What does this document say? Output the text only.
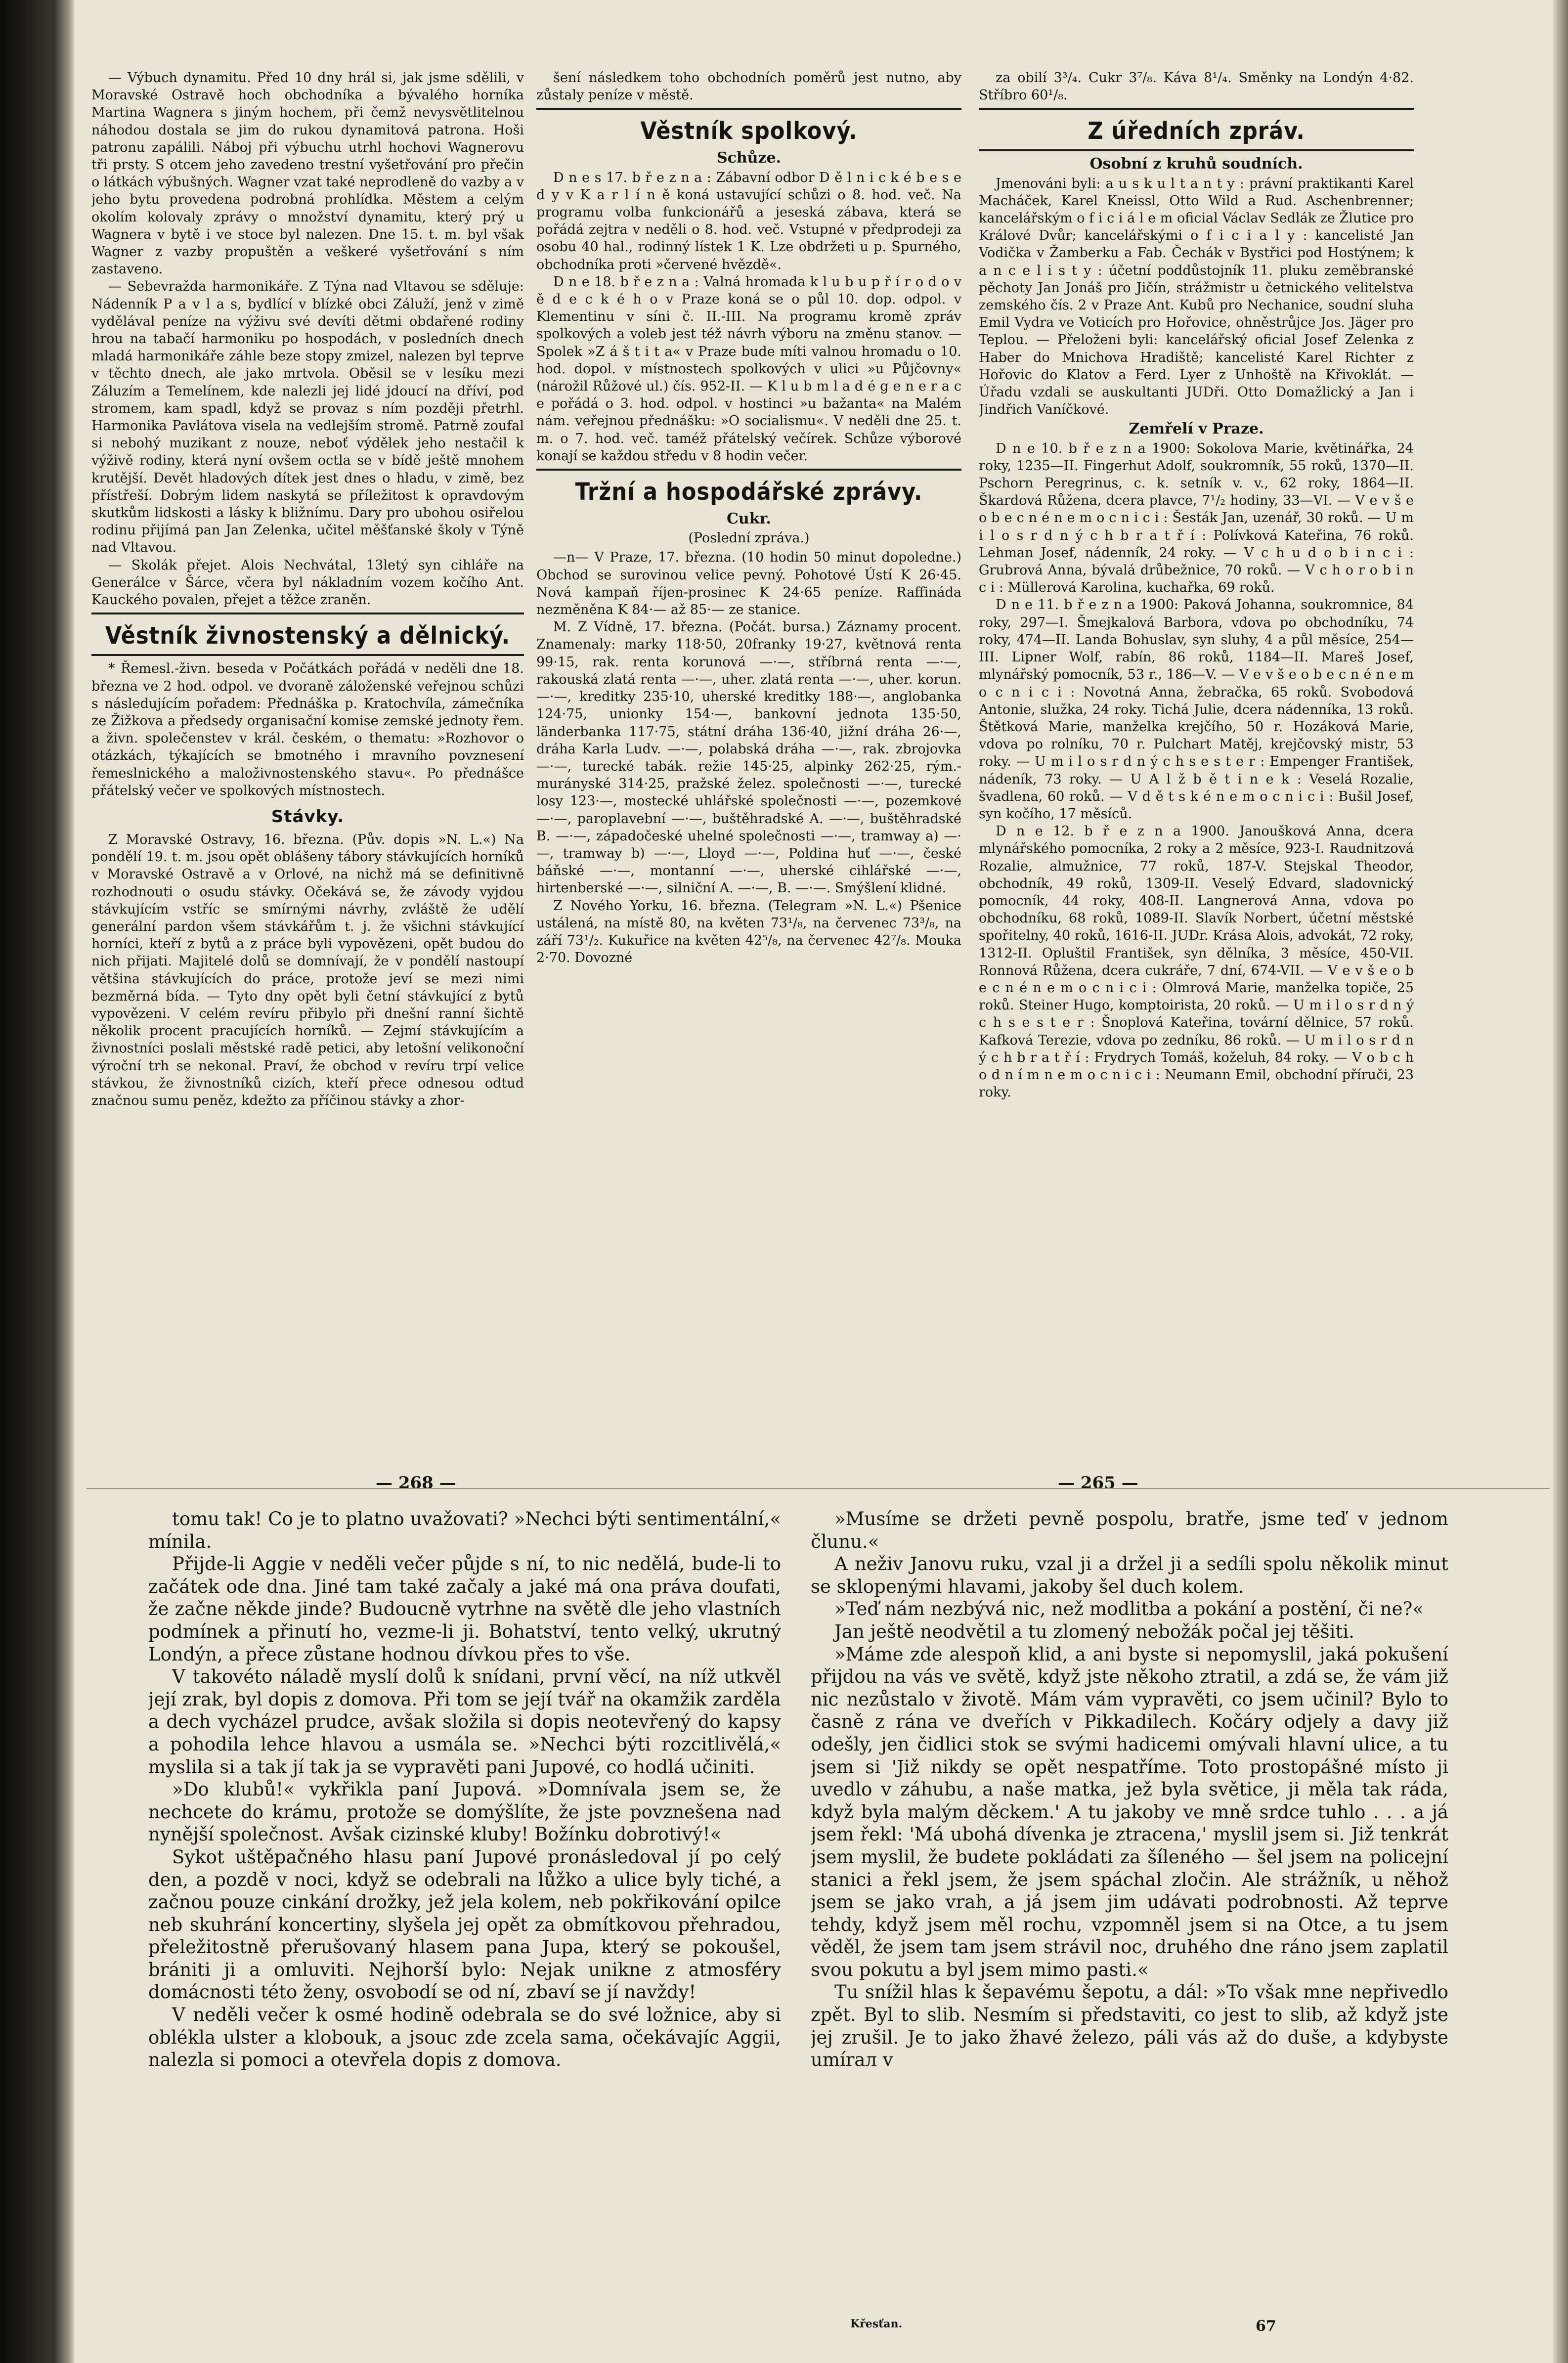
— Výbuch dynamitu. Před 10 dny hrál si, jak jsme sdělili, v Moravské Ostravě hoch obchodníka a bývalého horníka Martina Wagnera s jiným hochem, při čemž nevysvětlitelnou náhodou dostala se jim do rukou dynamitová patrona. Hoši patronu zapálili. Náboj při výbuchu utrhl hochovi Wagnerovu tři prsty. S otcem jeho zavedeno trestní vyšetřování pro přečin o látkách výbušných. Wagner vzat také neprodleně do vazby a v jeho bytu provedena podrobná prohlídka. Městem a celým okolím kolovaly zprávy o množství dynamitu, který prý u Wagnera v bytě i ve stoce byl nalezen. Dne 15. t. m. byl však Wagner z vazby propuštěn a veškeré vyšetřování s ním zastaveno.

— Sebevražda harmonikáře. Z Týna nad Vltavou se sděluje: Nádenník P a v l a s, bydlící v blízké obci Záluží, jenž v zimě vydělával peníze na výživu své devíti dětmi obdařené rodiny hrou na tabačí harmoniku po hospodách, v posledních dnech mladá harmonikáře záhle beze stopy zmizel, nalezen byl teprve v těchto dnech, ale jako mrtvola. Oběsil se v lesíku mezi Záluzím a Temelínem, kde nalezli jej lidé jdoucí na dříví, pod stromem, kam spadl, když se provaz s ním později přetrhl. Harmonika Pavlátova visela na vedlejším stromě. Patrně zoufal si nebohý muzikant z nouze, neboť výdělek jeho nestačil k výživě rodiny, která nyní ovšem octla se v bídě ještě mnohem krutější. Devět hladových dítek jest dnes o hladu, v zimě, bez přístřeší. Dobrým lidem naskytá se příležitost k opravdovým skutkům lidskosti a lásky k bližnímu. Dary pro ubohou osiřelou rodinu přijímá pan Jan Zelenka, učitel měšťanské školy v Týně nad Vltavou.

— Skolák přejet. Alois Nechvátal, 13letý syn cihláře na Generálce v Šárce, včera byl nákladním vozem kočího Ant. Kauckého povalen, přejet a těžce zraněn.

Věstník živnostenský a dělnický.

* Řemesl.-živn. beseda v Počátkách pořádá v neděli dne 18. března ve 2 hod. odpol. ve dvoraně záloženské veřejnou schůzi s následujícím pořadem: Přednáška p. Kratochvíla, zámečníka ze Žižkova a předsedy organisační komise zemské jednoty řem. a živn. společenstev v král. českém, o thematu: »Rozhovor o otázkách, týkajících se bmotného i mravního povznesení řemeslnického a maloživnostenského stavu«. Po přednášce přátelský večer ve spolkových místnostech.

Stávky.

Z Moravské Ostravy, 16. března. (Pův. dopis »N. L.«) Na pondělí 19. t. m. jsou opět oblášeny tábory stávkujících horníků v Moravské Ostravě a v Orlové, na nichž má se definitivně rozhodnouti o osudu stávky. Očekává se, že závody vyjdou stávkujícím vstříc se smírnými návrhy, zvláště že udělí generální pardon všem stávkářům t. j. že všichni stávkující horníci, kteří z bytů a z práce byli vypovězeni, opět budou do nich přijati. Majitelé dolů se domnívají, že v pondělí nastoupí většina stávkujících do práce, protože jeví se mezi nimi bezměrná bída. — Tyto dny opět byli četní stávkující z bytů vypovězeni. V celém revíru přibylo při dnešní ranní šichtě několik procent pracujících horníků. — Zejmí stávkujícím a živnostníci poslali městské radě petici, aby letošní velikonoční výroční trh se nekonal. Praví, že obchod v revíru trpí velice stávkou, že živnostníků cizích, kteří přece odnesou odtud značnou sumu peněz, kdežto za příčinou stávky a zhor-

šení následkem toho obchodních poměrů jest nutno, aby zůstaly peníze v městě.

Věstník spolkový.
Schůze.

D n e s 17. b ř e z n a : Zábavní odbor D ě l n i c k é b e s e d y v K a r l í n ě koná ustavující schůzi o 8. hod. več. Na programu volba funkcionářů a jeseská zábava, která se pořádá zejtra v neděli o 8. hod. več. Vstupné v předprodeji za osobu 40 hal., rodinný lístek 1 K. Lze obdržeti u p. Spurného, obchodníka proti »červené hvězdě«.

D n e 18. b ř e z n a : Valná hromada k l u b u p ř í r o d o v ě d e c k é h o v Praze koná se o půl 10. dop. odpol. v Klementinu v síni č. II.-III. Na programu kromě zpráv spolkových a voleb jest též návrh výboru na změnu stanov. — Spolek »Z á š t i t a« v Praze bude míti valnou hromadu o 10. hod. dopol. v místnostech spolkových v ulici »u Půjčovny« (nárožil Růžové ul.) čís. 952-II. — K l u b m l a d é g e n e r a c e pořádá o 3. hod. odpol. v hostinci »u bažanta« na Malém nám. veřejnou přednášku: »O socialismu«. V neděli dne 25. t. m. o 7. hod. več. taméž přátelský večírek. Schůze výborové konají se každou středu v 8 hodin večer.

Tržní a hospodářské zprávy.
Cukr.
(Poslední zpráva.)

—n— V Praze, 17. března. (10 hodin 50 minut dopoledne.) Obchod se surovinou velice pevný. Pohotové Ústí K 26·45. Nová kampaň říjen-prosinec K 24·65 peníze. Raffináda nezměněna K 84·— až 85·— ze stanice.

M. Z Vídně, 17. března. (Počát. bursa.) Záznamy procent. Znamenaly: marky 118·50, 20franky 19·27, květnová renta 99·15, rak. renta korunová —·—, stříbrná renta —·—, rakouská zlatá renta —·—, uher. zlatá renta —·—, uher. korun. —·—, kreditky 235·10, uherské kreditky 188·—, anglobanka 124·75, unionky 154·—, bankovní jednota 135·50, länderbanka 117·75, státní dráha 136·40, jižní dráha 26·—, dráha Karla Ludv. —·—, polabská dráha —·—, rak. zbrojovka —·—, turecké tabák. režie 145·25, alpinky 262·25, rým.-murányské 314·25, pražské želez. společnosti —·—, turecké losy 123·—, mostecké uhlářské společnosti —·—, pozemkové —·—, paroplavební —·—, buštěhradské A. —·—, buštěhradské B. —·—, západočeské uhelné společnosti —·—, tramway a) —·—, tramway b) —·—, Lloyd —·—, Poldina huť —·—, české báňské —·—, montanní —·—, uherské cihlářské —·—, hirtenberské —·—, silniční A. —·—, B. —·—. Smýšlení klidné.

Z Nového Yorku, 16. března. (Telegram »N. L.«) Pšenice ustálená, na místě 80, na květen 73¹/₈, na červenec 73³/₈, na září 73¹/₂. Kukuřice na květen 42⁵/₈, na červenec 42⁷/₈. Mouka 2·70. Dovozné

za obilí 3³/₄. Cukr 3⁷/₈. Káva 8¹/₄. Směnky na Londýn 4·82. Stříbro 60¹/₈.

Z úředních zpráv.
Osobní z kruhů soudních.

Jmenováni byli: a u s k u l t a n t y : právní praktikanti Karel Macháček, Karel Kneissl, Otto Wild a Rud. Aschenbrenner; kancelářským o f i c i á l e m oficial Václav Sedlák ze Žlutice pro Králové Dvůr; kancelářskými o f i c i a l y : kancelisté Jan Vodička v Žamberku a Fab. Čechák v Bystřici pod Hostýnem; k a n c e l i s t y : účetní poddůstojník 11. pluku zeměbranské pěchoty Jan Jonáš pro Jičín, strážmistr u četnického velitelstva zemského čís. 2 v Praze Ant. Kubů pro Nechanice, soudní sluha Emil Vydra ve Voticích pro Hořovice, ohněstrůjce Jos. Jäger pro Teplou. — Přeloženi byli: kancelářský oficial Josef Zelenka z Haber do Mnichova Hradiště; kancelisté Karel Richter z Hořovic do Klatov a Ferd. Lyer z Unhoště na Křivoklát. — Úřadu vzdali se auskultanti JUDři. Otto Domažlický a Jan i Jindřich Vaníčkové.

Zemřelí v Praze.

D n e 10. b ř e z n a 1900: Sokolova Marie, květinářka, 24 roky, 1235—II. Fingerhut Adolf, soukromník, 55 roků, 1370—II. Pschorn Peregrinus, c. k. setník v. v., 62 roky, 1864—II. Škardová Růžena, dcera plavce, 7¹/₂ hodiny, 33—VI. — V e v š e o b e c n é n e m o c n i c i : Šesták Jan, uzenář, 30 roků. — U m i l o s r d n ý c h b r a t ř í : Polívková Kateřina, 76 roků. Lehman Josef, nádenník, 24 roky. — V c h u d o b i n c i : Grubrová Anna, bývalá drůbežnice, 70 roků. — V c h o r o b i n c i : Müllerová Karolina, kuchařka, 69 roků.

D n e 11. b ř e z n a 1900: Paková Johanna, soukromnice, 84 roky, 297—I. Šmejkalová Barbora, vdova po obchodníku, 74 roky, 474—II. Landa Bohuslav, syn sluhy, 4 a půl měsíce, 254—III. Lipner Wolf, rabín, 86 roků, 1184—II. Mareš Josef, mlynářský pomocník, 53 r., 186—V. — V e v š e o b e c n é n e m o c n i c i : Novotná Anna, žebračka, 65 roků. Svobodová Antonie, služka, 24 roky. Tichá Julie, dcera nádenníka, 13 roků. Štětková Marie, manželka krejčího, 50 r. Hozáková Marie, vdova po rolníku, 70 r. Pulchart Matěj, krejčovský mistr, 53 roky. — U m i l o s r d n ý c h s e s t e r : Empenger František, nádeník, 73 roky. — U A l ž b ě t i n e k : Veselá Rozalie, švadlena, 60 roků. — V d ě t s k é n e m o c n i c i : Bušil Josef, syn kočího, 17 měsíců.

D n e 12. b ř e z n a 1900. Janoušková Anna, dcera mlynářského pomocníka, 2 roky a 2 měsíce, 923-I. Raudnitzová Rozalie, almužnice, 77 roků, 187-V. Stejskal Theodor, obchodník, 49 roků, 1309-II. Veselý Edvard, sladovnický pomocník, 44 roky, 408-II. Langnerová Anna, vdova po obchodníku, 68 roků, 1089-II. Slavík Norbert, účetní městské spořitelny, 40 roků, 1616-II. JUDr. Krása Alois, advokát, 72 roky, 1312-II. Opluštil František, syn dělníka, 3 měsíce, 450-VII. Ronnová Růžena, dcera cukráře, 7 dní, 674-VII. — V e v š e o b e c n é n e m o c n i c i : Olmrová Marie, manželka topiče, 25 roků. Steiner Hugo, komptoirista, 20 roků. — U m i l o s r d n ý c h s e s t e r : Šnoplová Kateřina, tovární dělnice, 57 roků. Kafková Terezie, vdova po zedníku, 86 roků. — U m i l o s r d n ý c h b r a t ř í : Frydrych Tomáš, koželuh, 84 roky. — V o b c h o d n í m n e m o c n i c i : Neumann Emil, obchodní příruči, 23 roky.

— 268 —	— 265 —

tomu tak! Co je to platno uvažovati? »Nechci býti sentimentální,« mínila.

Přijde-li Aggie v neděli večer půjde s ní, to nic nedělá, bude-li to začátek ode dna. Jiné tam také začaly a jaké má ona práva doufati, že začne někde jinde? Budoucně vytrhne na světě dle jeho vlastních podmínek a přinutí ho, vezme-li ji. Bohatství, tento velký, ukrutný Londýn, a přece zůstane hodnou dívkou přes to vše.

V takovéto náladě myslí dolů k snídani, první věcí, na níž utkvěl její zrak, byl dopis z domova. Při tom se její tvář na okamžik zarděla a dech vycházel prudce, avšak složila si dopis neotevřený do kapsy a pohodila lehce hlavou a usmála se. »Nechci býti rozcitlivělá,« myslila si a tak jí tak ja se vypravěti pani Jupové, co hodlá učiniti.

»Do klubů!« vykřikla paní Jupová. »Domnívala jsem se, že nechcete do krámu, protože se domýšlíte, že jste povznešena nad nynější společnost. Avšak cizinské kluby! Božínku dobrotivý!«

Sykot uštěpačného hlasu paní Jupové pronásledoval jí po celý den, a pozdě v noci, když se odebrali na lůžko a ulice byly tiché, a začnou pouze cinkání drožky, jež jela kolem, neb pokřikování opilce neb skuhrání koncertiny, slyšela jej opět za obmítkovou přehradou, přeležitostně přerušovaný hlasem pana Jupa, který se pokoušel, brániti ji a omluviti. Nejhorší bylo: Nejak unikne z atmosféry domácnosti této ženy, osvobodí se od ní, zbaví se jí navždy!

V neděli večer k osmé hodině odebrala se do své ložnice, aby si oblékla ulster a klobouk, a jsouc zde zcela sama, očekávajíc Aggii, nalezla si pomoci a otevřela dopis z domova.

»Musíme se držeti pevně pospolu, bratře, jsme teď v jednom člunu.«

A neživ Janovu ruku, vzal ji a držel ji a sedíli spolu několik minut se sklopenými hlavami, jakoby šel duch kolem.

»Teď nám nezbývá nic, než modlitba a pokání a postění, či ne?«

Jan ještě neodvětil a tu zlomený nebožák počal jej těšiti.

»Máme zde alespoň klid, a ani byste si nepomyslil, jaká pokušení přijdou na vás ve světě, když jste někoho ztratil, a zdá se, že vám již nic nezůstalo v životě. Mám vám vypravěti, co jsem učinil? Bylo to časně z rána ve dveřích v Pikkadilech. Kočáry odjely a davy již odešly, jen čidlici stok se svými hadicemi omývali hlavní ulice, a tu jsem si 'Již nikdy se opět nespatříme. Toto prostopášné místo ji uvedlo v záhubu, a naše matka, jež byla světice, ji měla tak ráda, když byla malým děckem.' A tu jakoby ve mně srdce tuhlo . . . a já jsem řekl: 'Má ubohá dívenka je ztracena,' myslil jsem si. Již tenkrát jsem myslil, že budete pokládati za šíleného — šel jsem na policejní stanici a řekl jsem, že jsem spáchal zločin. Ale strážník, u něhož jsem se jako vrah, a já jsem jim udávati podrobnosti. Až teprve tehdy, když jsem měl rochu, vzpomněl jsem si na Otce, a tu jsem věděl, že jsem tam jsem strávil noc, druhého dne ráno jsem zaplatil svou pokutu a byl jsem mimo pasti.«

Tu snížil hlas k šepavému šepotu, a dál: »To však mne nepřivedlo zpět. Byl to slib. Nesmím si představiti, co jest to slib, až když jste jej zrušil. Je to jako žhavé železo, páli vás až do duše, a kdybyste umírал v

Křesťan.	67
